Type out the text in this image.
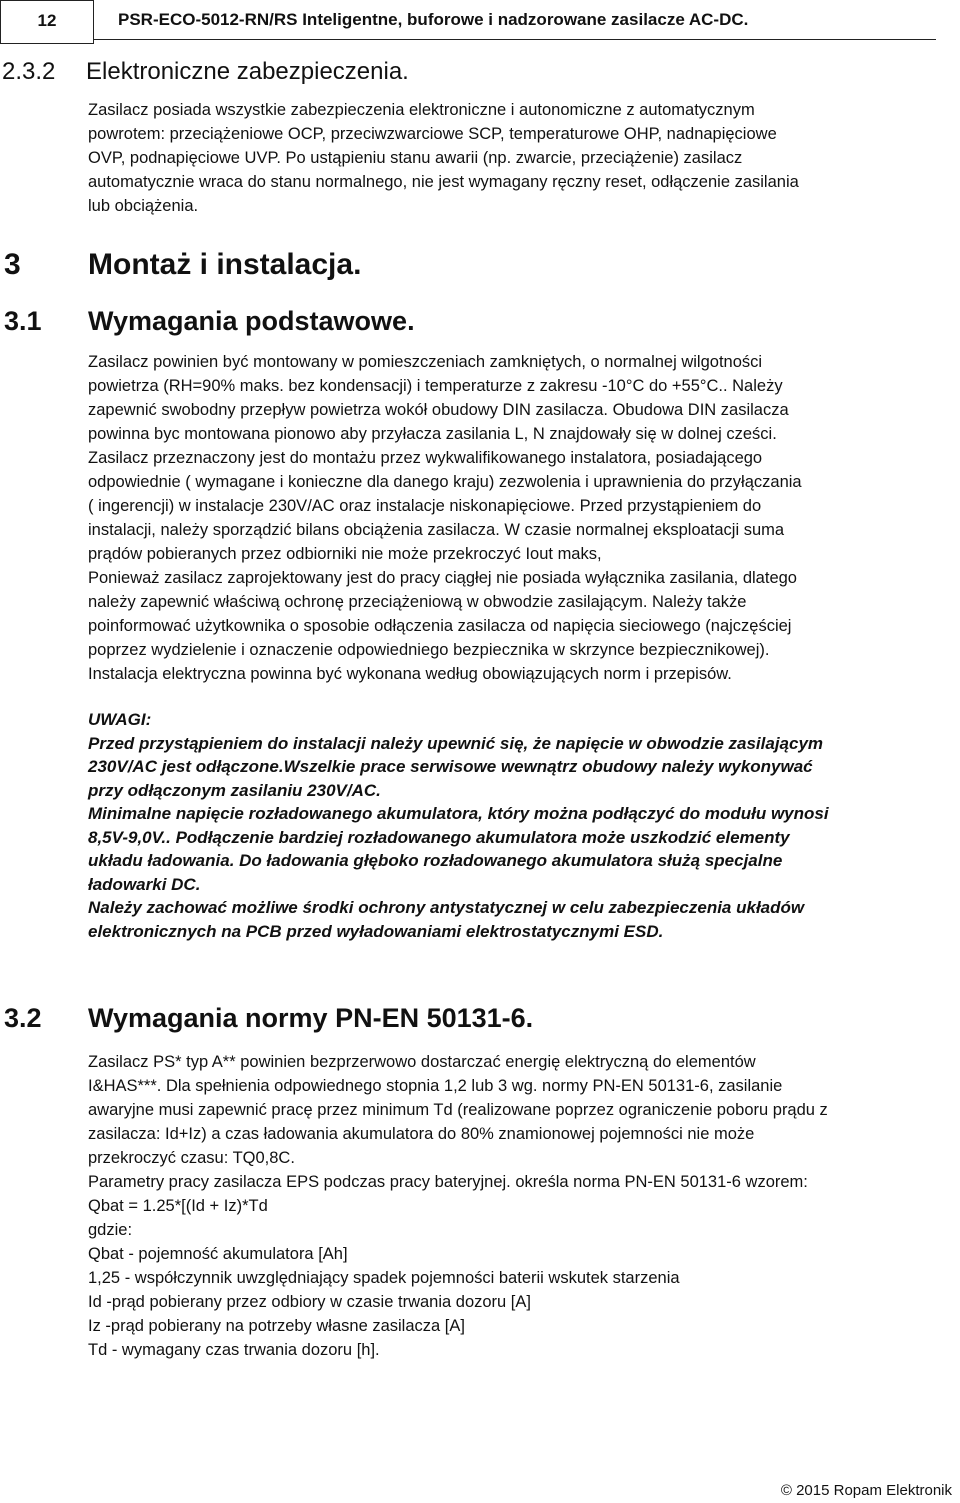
12	PSR-ECO-5012-RN/RS Inteligentne, buforowe i nadzorowane zasilacze AC-DC.
2.3.2 Elektroniczne zabezpieczenia.
Zasilacz posiada wszystkie zabezpieczenia elektroniczne i autonomiczne z automatycznym
powrotem: przeciążeniowe OCP, przeciwzwarciowe SCP, temperaturowe OHP, nadnapięciowe
OVP, podnapięciowe UVP. Po ustąpieniu stanu awarii (np. zwarcie, przeciążenie) zasilacz
automatycznie wraca do stanu normalnego, nie jest wymagany ręczny reset, odłączenie zasilania
lub obciążenia.
3 Montaż i instalacja.
3.1 Wymagania podstawowe.
Zasilacz powinien być montowany w pomieszczeniach zamkniętych, o normalnej wilgotności
powietrza (RH=90% maks. bez kondensacji) i temperaturze z zakresu -10°C do +55°C.. Należy
zapewnić swobodny przepływ powietrza wokół obudowy DIN zasilacza. Obudowa DIN zasilacza
powinna byc montowana pionowo aby przyłacza zasilania L, N znajdowały się w dolnej cześci.
Zasilacz przeznaczony jest do montażu przez wykwalifikowanego instalatora, posiadającego
odpowiednie ( wymagane i konieczne dla danego kraju) zezwolenia i uprawnienia do przyłączania
( ingerencji) w instalacje 230V/AC oraz instalacje niskonapięciowe. Przed przystąpieniem do
instalacji, należy sporządzić bilans obciążenia zasilacza. W czasie normalnej eksploatacji suma
prądów pobieranych przez odbiorniki nie może przekroczyć Iout maks,
Ponieważ zasilacz zaprojektowany jest do pracy ciągłej nie posiada wyłącznika zasilania, dlatego
należy zapewnić właściwą ochronę przeciążeniową w obwodzie zasilającym. Należy także
poinformować użytkownika o sposobie odłączenia zasilacza od napięcia sieciowego (najczęściej
poprzez wydzielenie i oznaczenie odpowiedniego bezpiecznika w skrzynce bezpiecznikowej).
Instalacja elektryczna powinna być wykonana według obowiązujących norm i przepisów.
UWAGI:
Przed przystąpieniem do instalacji należy upewnić się, że napięcie w obwodzie zasilającym
230V/AC jest odłączone.Wszelkie prace serwisowe wewnątrz obudowy należy wykonywać
przy odłączonym zasilaniu 230V/AC.
Minimalne napięcie rozładowanego akumulatora, który można podłączyć do modułu wynosi
8,5V-9,0V.. Podłączenie bardziej rozładowanego akumulatora może uszkodzić elementy
układu ładowania. Do ładowania głęboko rozładowanego akumulatora służą specjalne
ładowarki DC.
Należy zachować możliwe środki ochrony antystatycznej w celu zabezpieczenia układów
elektronicznych na PCB przed wyładowaniami elektrostatycznymi ESD.
3.2 Wymagania normy PN-EN 50131-6.
Zasilacz PS* typ A** powinien bezprzerwowo dostarczać energię elektryczną do elementów
I&HAS***. Dla spełnienia odpowiednego stopnia 1,2 lub 3 wg. normy PN-EN 50131-6, zasilanie
awaryjne musi zapewnić pracę przez minimum Td (realizowane poprzez ograniczenie poboru prądu z
zasilacza: Id+Iz) a czas ładowania akumulatora do 80% znamionowej pojemności nie może
przekroczyć czasu: TQ0,8C.
Parametry pracy zasilacza EPS podczas pracy bateryjnej. określa norma PN-EN 50131-6 wzorem:
Qbat = 1.25*[(Id + Iz)*Td
gdzie:
Qbat - pojemność akumulatora [Ah]
1,25 - współczynnik uwzględniający spadek pojemności baterii wskutek starzenia
Id -prąd pobierany przez odbiory w czasie trwania dozoru [A]
Iz -prąd pobierany na potrzeby własne zasilacza [A]
Td - wymagany czas trwania dozoru [h].
© 2015 Ropam Elektronik
